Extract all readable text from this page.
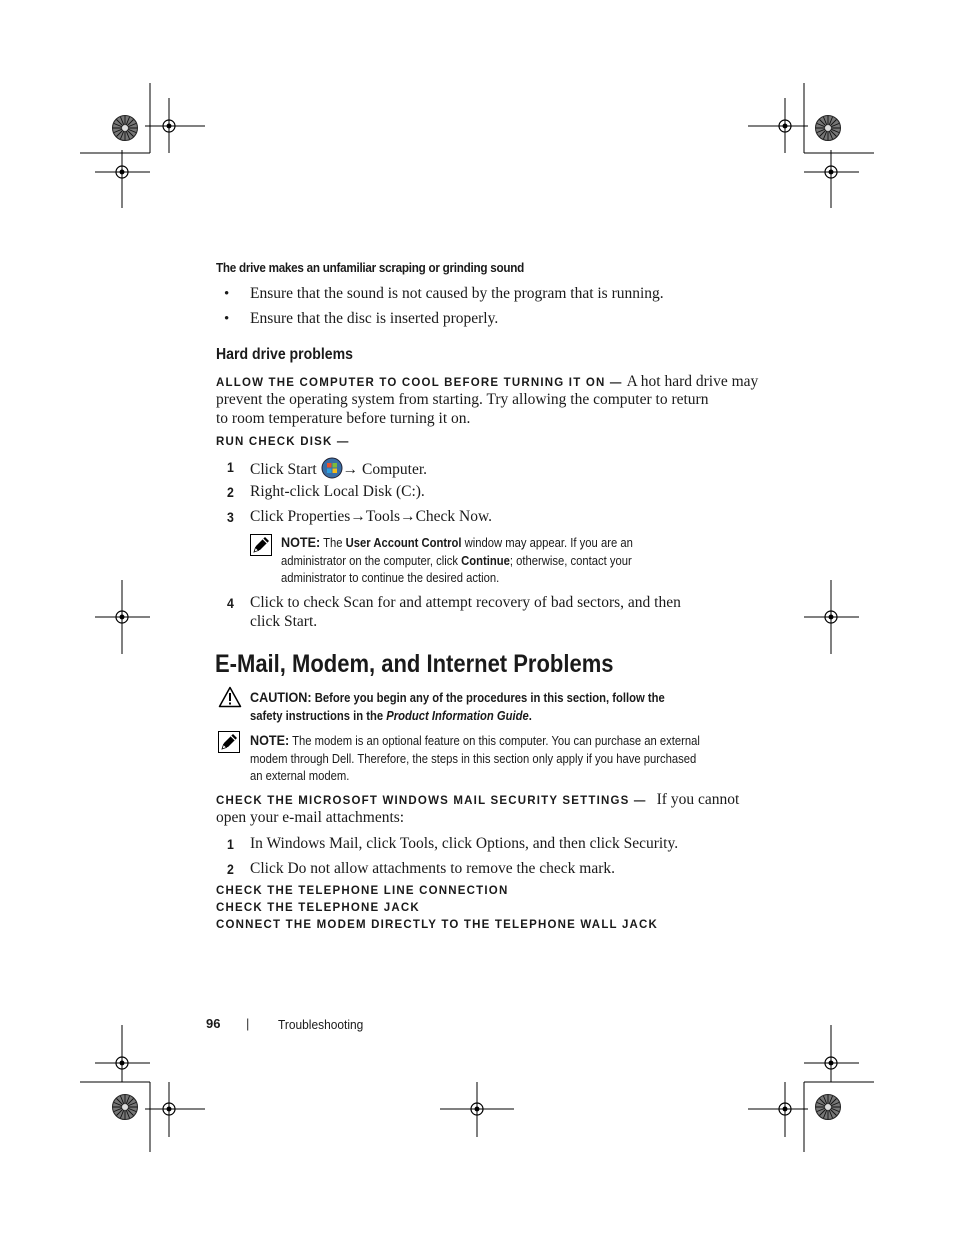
The drive makes an unfamiliar scraping or grinding sound
• Ensure that the sound is not caused by the program that is running.
• Ensure that the disc is inserted properly.
Hard drive problems
ALLOW THE COMPUTER TO COOL BEFORE TURNING IT ON — A hot hard drive may
prevent the operating system from starting. Try allowing the computer to return to room temperature before turning it on.
RUN CHECK DISK —
1 Click Start → Computer.
2 Right-click Local Disk (C:).
3 Click Properties→Tools→Check Now.
NOTE: The User Account Control window may appear. If you are an administrator on the computer, click Continue; otherwise, contact your administrator to continue the desired action.
4 Click to check Scan for and attempt recovery of bad sectors, and then click Start.
E-Mail, Modem, and Internet Problems
CAUTION: Before you begin any of the procedures in this section, follow the safety instructions in the Product Information Guide.
NOTE: The modem is an optional feature on this computer. You can purchase an external modem through Dell. Therefore, the steps in this section only apply if you have purchased an external modem.
CHECK THE MICROSOFT WINDOWS MAIL SECURITY SETTINGS — If you cannot
open your e-mail attachments:
1 In Windows Mail, click Tools, click Options, and then click Security.
2 Click Do not allow attachments to remove the check mark.
CHECK THE TELEPHONE LINE CONNECTION
CHECK THE TELEPHONE JACK
CONNECT THE MODEM DIRECTLY TO THE TELEPHONE WALL JACK
96 | Troubleshooting
